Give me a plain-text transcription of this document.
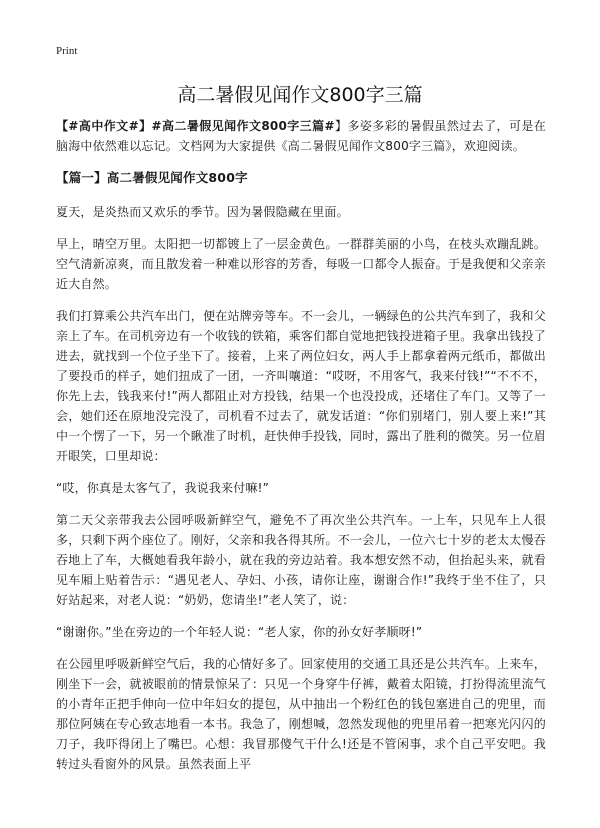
Print
高二暑假见闻作文800字三篇

【#高中作文#】#高二暑假见闻作文800字三篇#】多姿多彩的暑假虽然过去了，可是在脑海中依然难以忘记。文档网为大家提供《高二暑假见闻作文800字三篇》，欢迎阅读。

【篇一】高二暑假见闻作文800字

夏天，是炎热而又欢乐的季节。因为暑假隐藏在里面。

早上，晴空万里。太阳把一切都镀上了一层金黄色。一群群美丽的小鸟，在枝头欢蹦乱跳。空气清新凉爽，而且散发着一种难以形容的芳香，每吸一口都令人振奋。于是我便和父亲亲近大自然。

我们打算乘公共汽车出门，便在站牌旁等车。不一会儿，一辆绿色的公共汽车到了，我和父亲上了车。在司机旁边有一个收钱的铁箱，乘客们都自觉地把钱投进箱子里。我拿出钱投了进去，就找到一个位子坐下了。接着，上来了两位妇女，两人手上都拿着两元纸币，都做出了要投币的样子，她们扭成了一团，一齐叫嚷道：“哎呀，不用客气，我来付钱!”“不不不，你先上去，钱我来付!”两人都阻止对方投钱，结果一个也没投成，还堵住了车门。又等了一会，她们还在原地没完没了，司机看不过去了，就发话道：“你们别堵门，别人要上来!”其中一个愣了一下，另一个瞅准了时机，赶快伸手投钱，同时，露出了胜利的微笑。另一位眉开眼笑，口里却说：

“哎，你真是太客气了，我说我来付嘛!”

第二天父亲带我去公园呼吸新鲜空气，避免不了再次坐公共汽车。一上车，只见车上人很多，只剩下两个座位了。刚好，父亲和我各得其所。不一会儿，一位六七十岁的老太太慢吞吞地上了车，大概她看我年龄小，就在我的旁边站着。我本想安然不动，但抬起头来，就看见车厢上贴着告示：“遇见老人、孕妇、小孩，请你让座，谢谢合作!”我终于坐不住了，只好站起来，对老人说：“奶奶，您请坐!”老人笑了，说：

“谢谢你。”坐在旁边的一个年轻人说：“老人家，你的孙女好孝顺呀!”

在公园里呼吸新鲜空气后，我的心情好多了。回家使用的交通工具还是公共汽车。上来车，刚坐下一会，就被眼前的情景惊呆了：只见一个身穿牛仔裤，戴着太阳镜，打扮得流里流气的小青年正把手伸向一位中年妇女的提包，从中抽出一个粉红色的钱包塞进自己的兜里，而那位阿姨在专心致志地看一本书。我急了，刚想喊，忽然发现他的兜里吊着一把寒光闪闪的刀子，我吓得闭上了嘴巴。心想：我冒那傻气干什么!还是不管闲事，求个自己平安吧。我转过头看窗外的风景。虽然表面上平
